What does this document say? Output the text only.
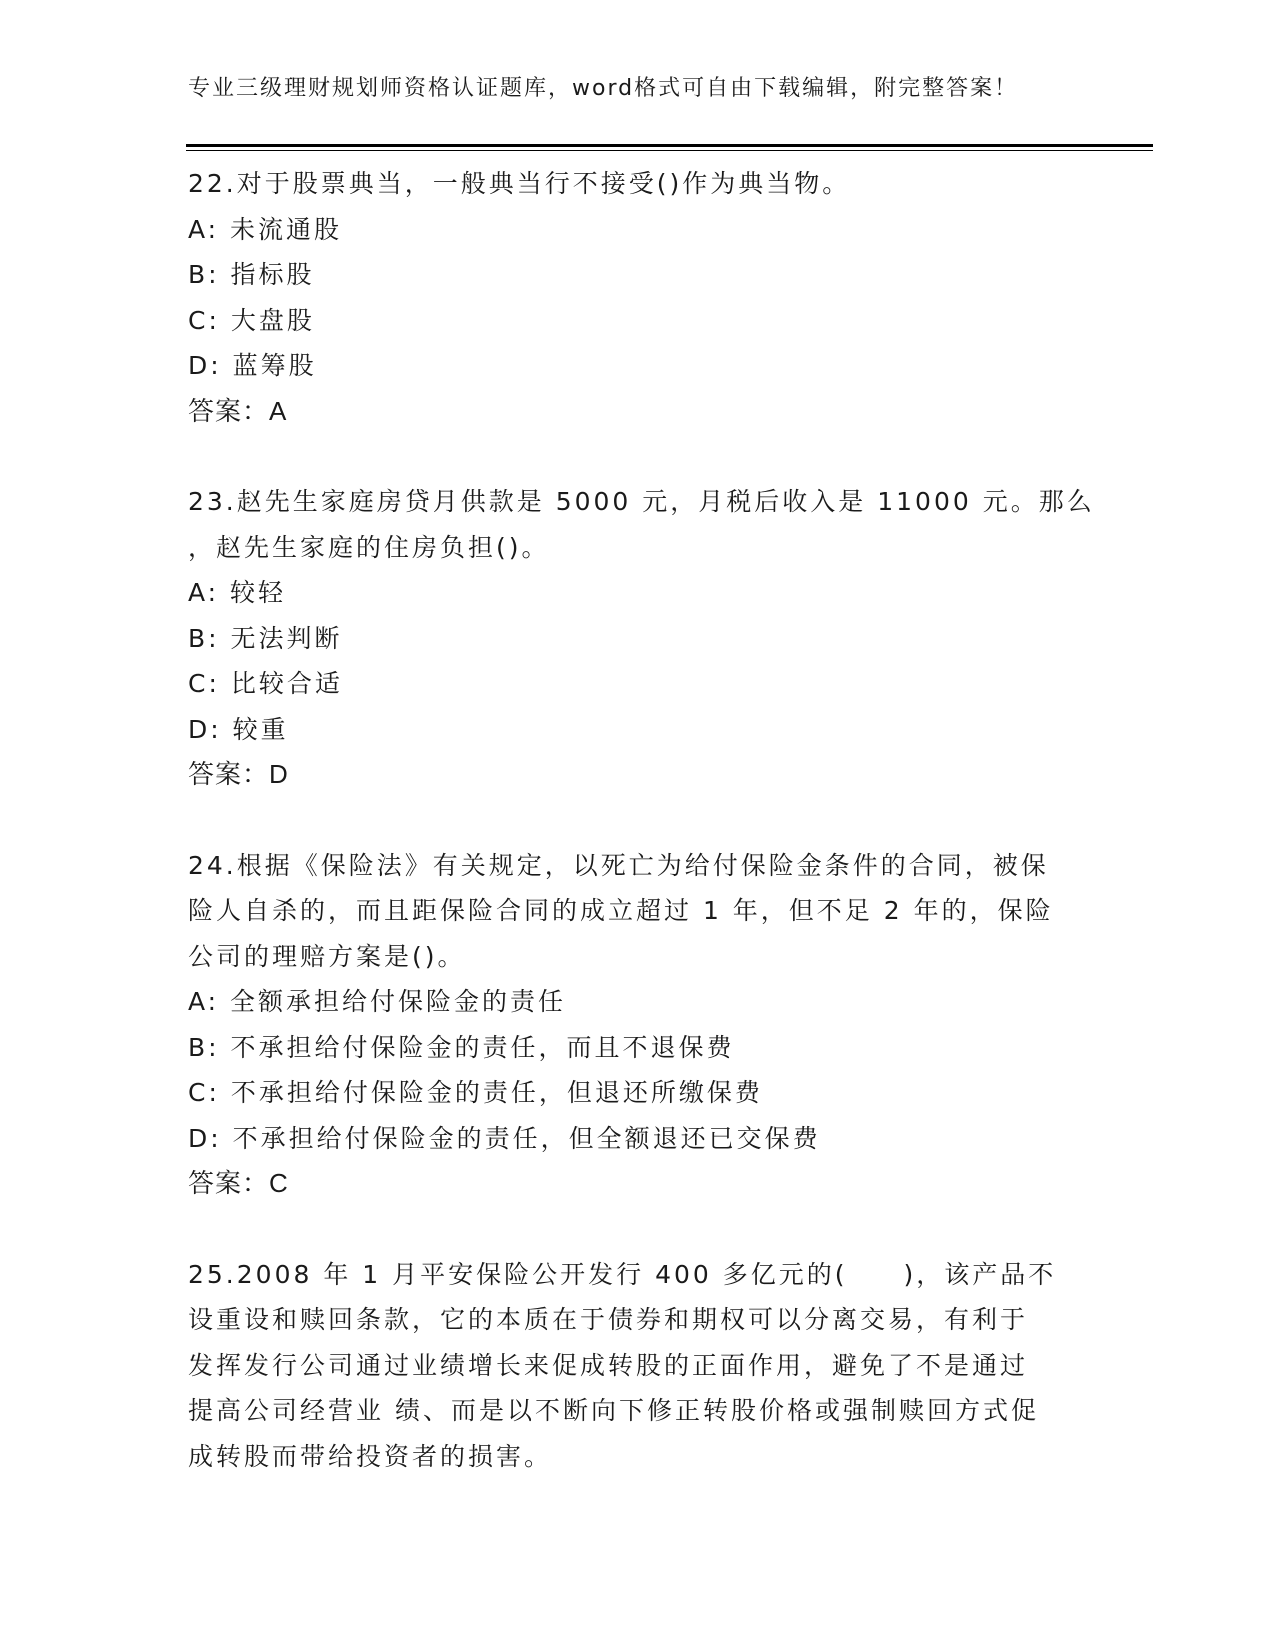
专业三级理财规划师资格认证题库，word格式可自由下载编辑，附完整答案！
22.对于股票典当，一般典当行不接受()作为典当物。
A: 未流通股
B: 指标股
C: 大盘股
D: 蓝筹股
答案：A
23.赵先生家庭房贷月供款是 5000 元，月税后收入是 11000 元。那么
，赵先生家庭的住房负担()。
A: 较轻
B: 无法判断
C: 比较合适
D: 较重
答案：D
24.根据《保险法》有关规定，以死亡为给付保险金条件的合同，被保
险人自杀的，而且距保险合同的成立超过 1 年，但不足 2 年的，保险
公司的理赔方案是()。
A: 全额承担给付保险金的责任
B: 不承担给付保险金的责任，而且不退保费
C: 不承担给付保险金的责任，但退还所缴保费
D: 不承担给付保险金的责任，但全额退还已交保费
答案：C
25.2008 年 1 月平安保险公开发行 400 多亿元的(　　)，该产品不
设重设和赎回条款，它的本质在于债券和期权可以分离交易，有利于
发挥发行公司通过业绩增长来促成转股的正面作用，避免了不是通过
提高公司经营业 绩、而是以不断向下修正转股价格或强制赎回方式促
成转股而带给投资者的损害。
